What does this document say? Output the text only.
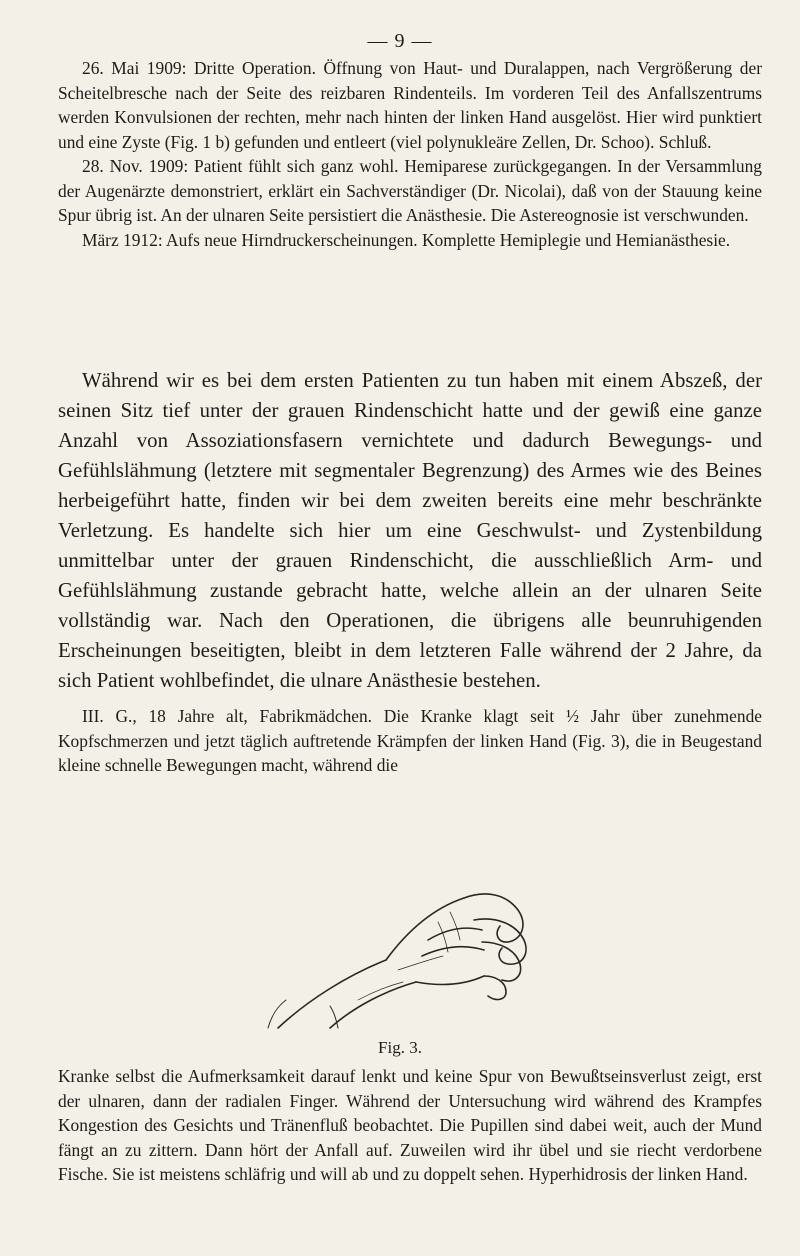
— 9 —

26. Mai 1909: Dritte Operation. Öffnung von Haut- und Duralappen, nach Vergrößerung der Scheitelbresche nach der Seite des reizbaren Rindenteils. Im vorderen Teil des Anfallszentrums werden Konvulsionen der rechten, mehr nach hinten der linken Hand ausgelöst. Hier wird punktiert und eine Zyste (Fig. 1 b) gefunden und entleert (viel polynukleäre Zellen, Dr. Schoo). Schluß.

28. Nov. 1909: Patient fühlt sich ganz wohl. Hemiparese zurückgegangen. In der Versammlung der Augenärzte demonstriert, erklärt ein Sachverständiger (Dr. Nicolai), daß von der Stauung keine Spur übrig ist. An der ulnaren Seite persistiert die Anästhesie. Die Astereognosie ist verschwunden.

März 1912: Aufs neue Hirndruckerscheinungen. Komplette Hemiplegie und Hemianästhesie.

Während wir es bei dem ersten Patienten zu tun haben mit einem Abszeß, der seinen Sitz tief unter der grauen Rindenschicht hatte und der gewiß eine ganze Anzahl von Assoziationsfasern vernichtete und dadurch Bewegungs- und Gefühlslähmung (letztere mit segmentaler Begrenzung) des Armes wie des Beines herbeigeführt hatte, finden wir bei dem zweiten bereits eine mehr beschränkte Verletzung. Es handelte sich hier um eine Geschwulst- und Zystenbildung unmittelbar unter der grauen Rindenschicht, die ausschließlich Arm- und Gefühlslähmung zustande gebracht hatte, welche allein an der ulnaren Seite vollständig war. Nach den Operationen, die übrigens alle beunruhigenden Erscheinungen beseitigten, bleibt in dem letzteren Falle während der 2 Jahre, da sich Patient wohlbefindet, die ulnare Anästhesie bestehen.

III. G., 18 Jahre alt, Fabrikmädchen. Die Kranke klagt seit ½ Jahr über zunehmende Kopfschmerzen und jetzt täglich auftretende Krämpfen der linken Hand (Fig. 3), die in Beugestand kleine schnelle Bewegungen macht, während die

Fig. 3.

Kranke selbst die Aufmerksamkeit darauf lenkt und keine Spur von Bewußtseinsverlust zeigt, erst der ulnaren, dann der radialen Finger. Während der Untersuchung wird während des Krampfes Kongestion des Gesichts und Tränenfluß beobachtet. Die Pupillen sind dabei weit, auch der Mund fängt an zu zittern. Dann hört der Anfall auf. Zuweilen wird ihr übel und sie riecht verdorbene Fische. Sie ist meistens schläfrig und will ab und zu doppelt sehen. Hyperhidrosis der linken Hand.
